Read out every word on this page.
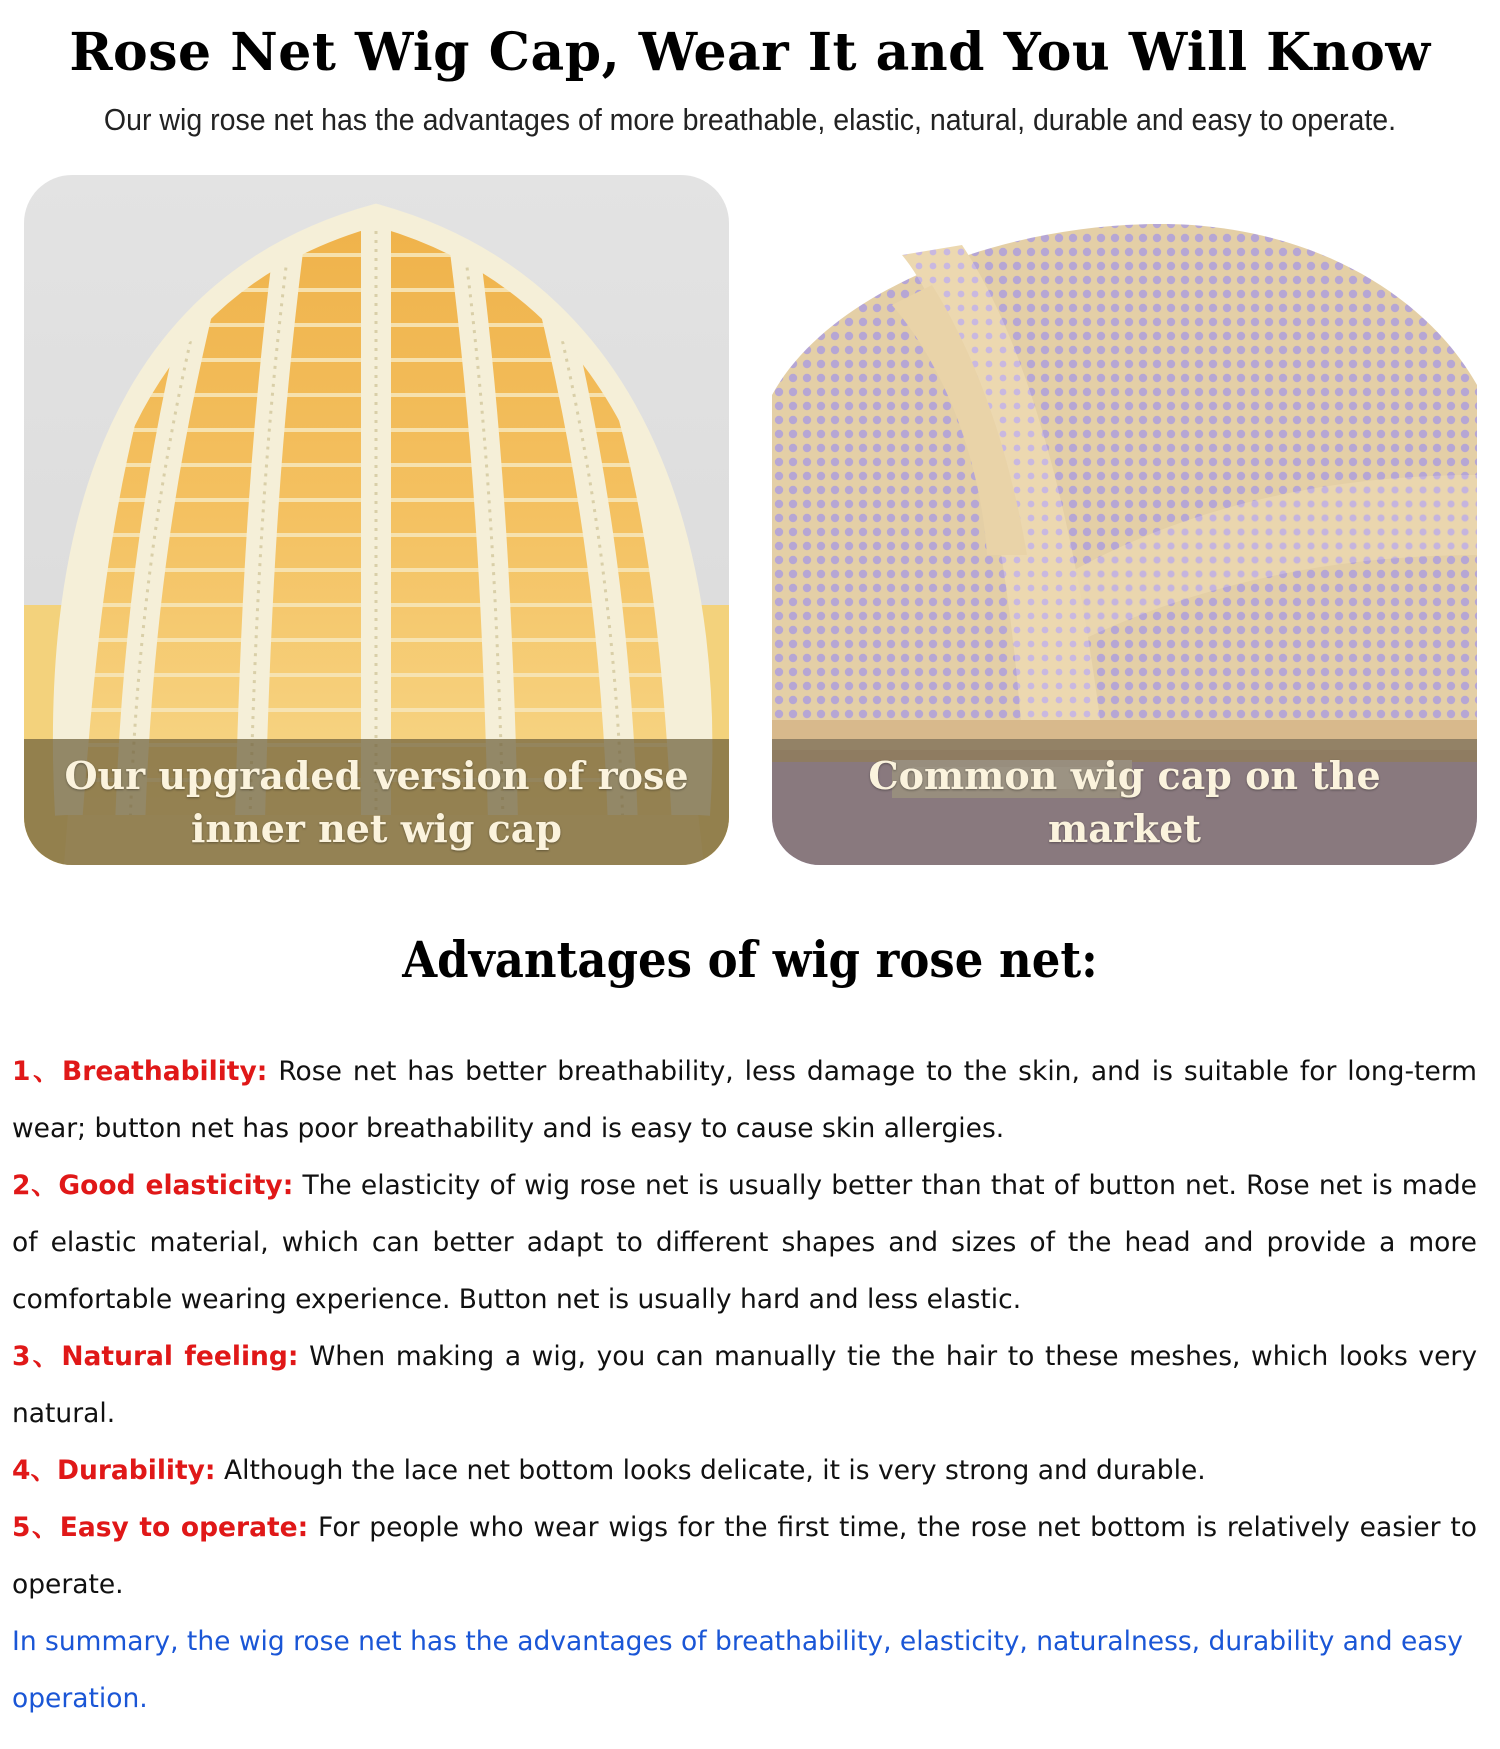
Rose Net Wig Cap, Wear It and You Will Know
Our wig rose net has the advantages of more breathable, elastic, natural, durable and easy to operate.
Our upgraded version of rose inner net wig cap
Common wig cap on the market
Advantages of wig rose net:

1、Breathability: Rose net has better breathability, less damage to the skin, and is suitable for long-term wear; button net has poor breathability and is easy to cause skin allergies.

2、Good elasticity: The elasticity of wig rose net is usually better than that of button net. Rose net is made of elastic material, which can better adapt to different shapes and sizes of the head and provide a more comfortable wearing experience. Button net is usually hard and less elastic.

3、Natural feeling: When making a wig, you can manually tie the hair to these meshes, which looks very natural.

4、Durability: Although the lace net bottom looks delicate, it is very strong and durable.

5、Easy to operate: For people who wear wigs for the first time, the rose net bottom is relatively easier to operate.

In summary, the wig rose net has the advantages of breathability, elasticity, naturalness, durability and easy operation.
